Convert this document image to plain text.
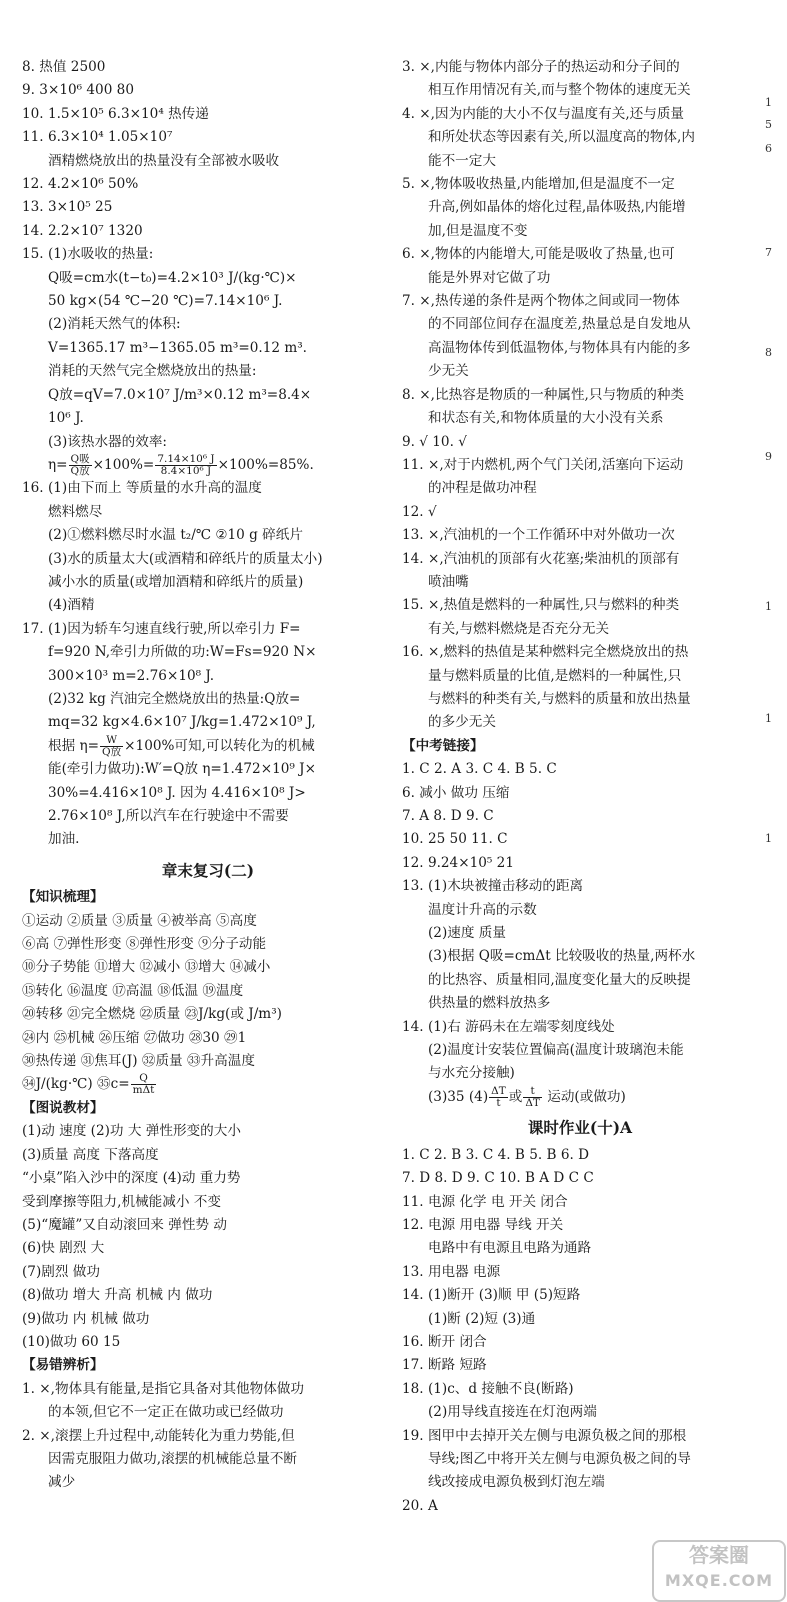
8. 热值 2500
9. 3×10⁶ 400 80
10. 1.5×10⁵ 6.3×10⁴ 热传递
11. 6.3×10⁴ 1.05×10⁷
酒精燃烧放出的热量没有全部被水吸收
12. 4.2×10⁶ 50%
13. 3×10⁵ 25
14. 2.2×10⁷ 1320
15. (1)水吸收的热量:
Q吸=cm水(t−t₀)=4.2×10³ J/(kg·℃)×
50 kg×(54 ℃−20 ℃)=7.14×10⁶ J.
(2)消耗天然气的体积:
V=1365.17 m³−1365.05 m³=0.12 m³.
消耗的天然气完全燃烧放出的热量:
Q放=qV=7.0×10⁷ J/m³×0.12 m³=8.4×
10⁶ J.
(3)该热水器的效率:
$\eta= \frac{\text{Q吸}}{\text{Q放}} \times 100\%= \frac{\text{7.14×10⁶ J}}{\text{8.4×10⁶ J}} \times 100\%=85\%$.
16. (1)由下而上 等质量的水升高的温度
燃料燃尽
(2)①燃料燃尽时水温 t₂/℃ ②10 g 碎纸片
(3)水的质量太大(或酒精和碎纸片的质量太小)
减小水的质量(或增加酒精和碎纸片的质量)
(4)酒精
17. (1)因为轿车匀速直线行驶,所以牵引力 F=
f=920 N,牵引力所做的功:W=Fs=920 N×
300×10³ m=2.76×10⁸ J.
(2)32 kg 汽油完全燃烧放出的热量:Q放=
mq=32 kg×4.6×10⁷ J/kg=1.472×10⁹ J,
根据 $\eta= \frac{W}{\text{Q放}} \times 100\%$可知,可以转化为的机械
能(牵引力做功):W′=Q放 η=1.472×10⁹ J×
30%=4.416×10⁸ J. 因为 4.416×10⁸ J>
2.76×10⁸ J,所以汽车在行驶途中不需要
加油.
章末复习(二)
【知识梳理】
①运动 ②质量 ③质量 ④被举高 ⑤高度
⑥高 ⑦弹性形变 ⑧弹性形变 ⑨分子动能
⑩分子势能 ⑪增大 ⑫减小 ⑬增大 ⑭减小
⑮转化 ⑯温度 ⑰高温 ⑱低温 ⑲温度
⑳转移 ㉑完全燃烧 ㉒质量 ㉓J/kg(或 J/m³)
㉔内 ㉕机械 ㉖压缩 ㉗做功 ㉘30 ㉙1
㉚热传递 ㉛焦耳(J) ㉜质量 ㉝升高温度
㉞J/(kg·℃) ㉟c= $\frac{Q}{\text{mΔt}}$
【图说教材】
(1)动 速度 (2)功 大 弹性形变的大小
(3)质量 高度 下落高度
“小桌”陷入沙中的深度 (4)动 重力势
受到摩擦等阻力,机械能减小 不变
(5)“魔罐”又自动滚回来 弹性势 动
(6)快 剧烈 大
(7)剧烈 做功
(8)做功 增大 升高 机械 内 做功
(9)做功 内 机械 做功
(10)做功 60 15
【易错辨析】
1. ×,物体具有能量,是指它具备对其他物体做功
的本领,但它不一定正在做功或已经做功
2. ×,滚摆上升过程中,动能转化为重力势能,但
因需克服阻力做功,滚摆的机械能总量不断
减少
3. ×,内能与物体内部分子的热运动和分子间的
相互作用情况有关,而与整个物体的速度无关
4. ×,因为内能的大小不仅与温度有关,还与质量
和所处状态等因素有关,所以温度高的物体,内
能不一定大
5. ×,物体吸收热量,内能增加,但是温度不一定
升高,例如晶体的熔化过程,晶体吸热,内能增
加,但是温度不变
6. ×,物体的内能增大,可能是吸收了热量,也可
能是外界对它做了功
7. ×,热传递的条件是两个物体之间或同一物体
的不同部位间存在温度差,热量总是自发地从
高温物体传到低温物体,与物体具有内能的多
少无关
8. ×,比热容是物质的一种属性,只与物质的种类
和状态有关,和物体质量的大小没有关系
9. √ 10. √
11. ×,对于内燃机,两个气门关闭,活塞向下运动
的冲程是做功冲程
12. √
13. ×,汽油机的一个工作循环中对外做功一次
14. ×,汽油机的顶部有火花塞;柴油机的顶部有
喷油嘴
15. ×,热值是燃料的一种属性,只与燃料的种类
有关,与燃料燃烧是否充分无关
16. ×,燃料的热值是某种燃料完全燃烧放出的热
量与燃料质量的比值,是燃料的一种属性,只
与燃料的种类有关,与燃料的质量和放出热量
的多少无关
【中考链接】
1. C 2. A 3. C 4. B 5. C
6. 减小 做功 压缩
7. A 8. D 9. C
10. 25 50 11. C
12. 9.24×10⁵ 21
13. (1)木块被撞击移动的距离
温度计升高的示数
(2)速度 质量
(3)根据 Q吸=cmΔt 比较吸收的热量,两杯水
的比热容、质量相同,温度变化量大的反映提
供热量的燃料放热多
14. (1)右 游码未在左端零刻度线处
(2)温度计安装位置偏高(温度计玻璃泡未能
与水充分接触)
(3)35 $(4) \frac{\Delta T}{t}$ 或 $\frac{t}{\Delta T}$ 运动(或做功)
课时作业(十)A
1. C 2. B 3. C 4. B 5. B 6. D
7. D 8. D 9. C 10. B A D C C
11. 电源 化学 电 开关 闭合
12. 电源 用电器 导线 开关
电路中有电源且电路为通路
13. 用电器 电源
14. (1)断开 (3)顺 甲 (5)短路
(1)断 (2)短 (3)通
16. 断开 闭合
17. 断路 短路
18. (1)c、d 接触不良(断路)
(2)用导线直接连在灯泡两端
19. 图甲中去掉开关左侧与电源负极之间的那根
导线;图乙中将开关左侧与电源负极之间的导
线改接成电源负极到灯泡左端
20. A
1
5
6
7
8
9
1
1
1
答案圈
MXQE.COM
